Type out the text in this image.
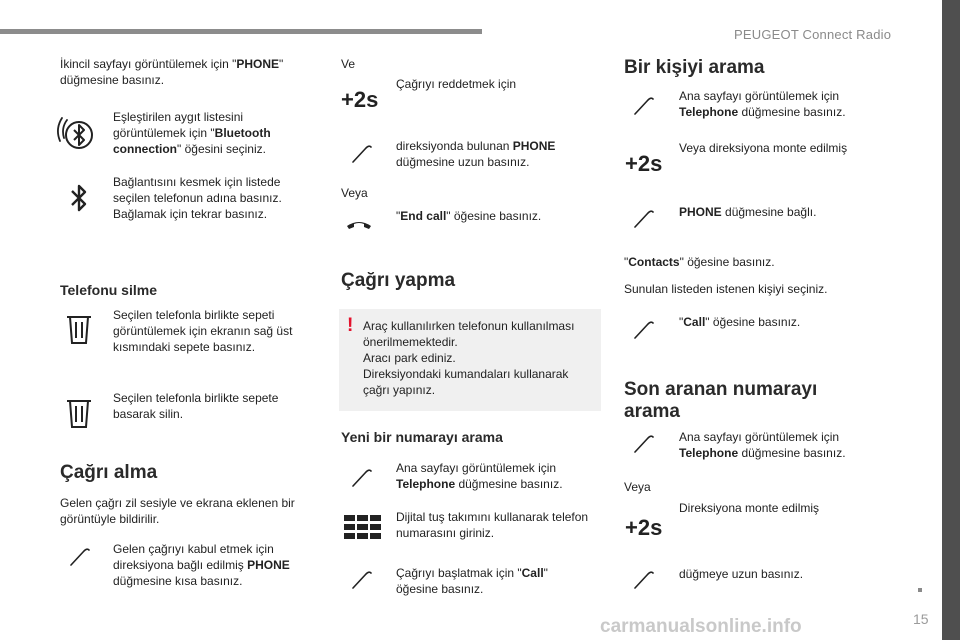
PEUGEOT Connect Radio
İkincil sayfayı görüntülemek için "PHONE" düğmesine basınız.
Eşleştirilen aygıt listesini görüntülemek için "Bluetooth connection" öğesini seçiniz.
Bağlantısını kesmek için listede seçilen telefonun adına basınız. Bağlamak için tekrar basınız.
Telefonu silme
Seçilen telefonla birlikte sepeti görüntülemek için ekranın sağ üst kısmındaki sepete basınız.
Seçilen telefonla birlikte sepete basarak silin.
Çağrı alma
Gelen çağrı zil sesiyle ve ekrana eklenen bir görüntüyle bildirilir.
Gelen çağrıyı kabul etmek için direksiyona bağlı edilmiş PHONE düğmesine kısa basınız.
Ve
+2s
Çağrıyı reddetmek için
direksiyonda bulunan PHONE düğmesine uzun basınız.
Veya
"End call" öğesine basınız.
Çağrı yapma
! Araç kullanılırken telefonun kullanılması önerilmemektedir.
Aracı park ediniz.
Direksiyondaki kumandaları kullanarak çağrı yapınız.
Yeni bir numarayı arama
Ana sayfayı görüntülemek için Telephone düğmesine basınız.
Dijital tuş takımını kullanarak telefon numarasını giriniz.
Çağrıyı başlatmak için "Call" öğesine basınız.
Bir kişiyi arama
Ana sayfayı görüntülemek için Telephone düğmesine basınız.
+2s
Veya direksiyona monte edilmiş
PHONE düğmesine bağlı.
"Contacts" öğesine basınız.
Sunulan listeden istenen kişiyi seçiniz.
"Call" öğesine basınız.
Son aranan numarayı arama
Ana sayfayı görüntülemek için Telephone düğmesine basınız.
Veya
+2s
Direksiyona monte edilmiş
düğmeye uzun basınız.
15
carmanualsonline.info
